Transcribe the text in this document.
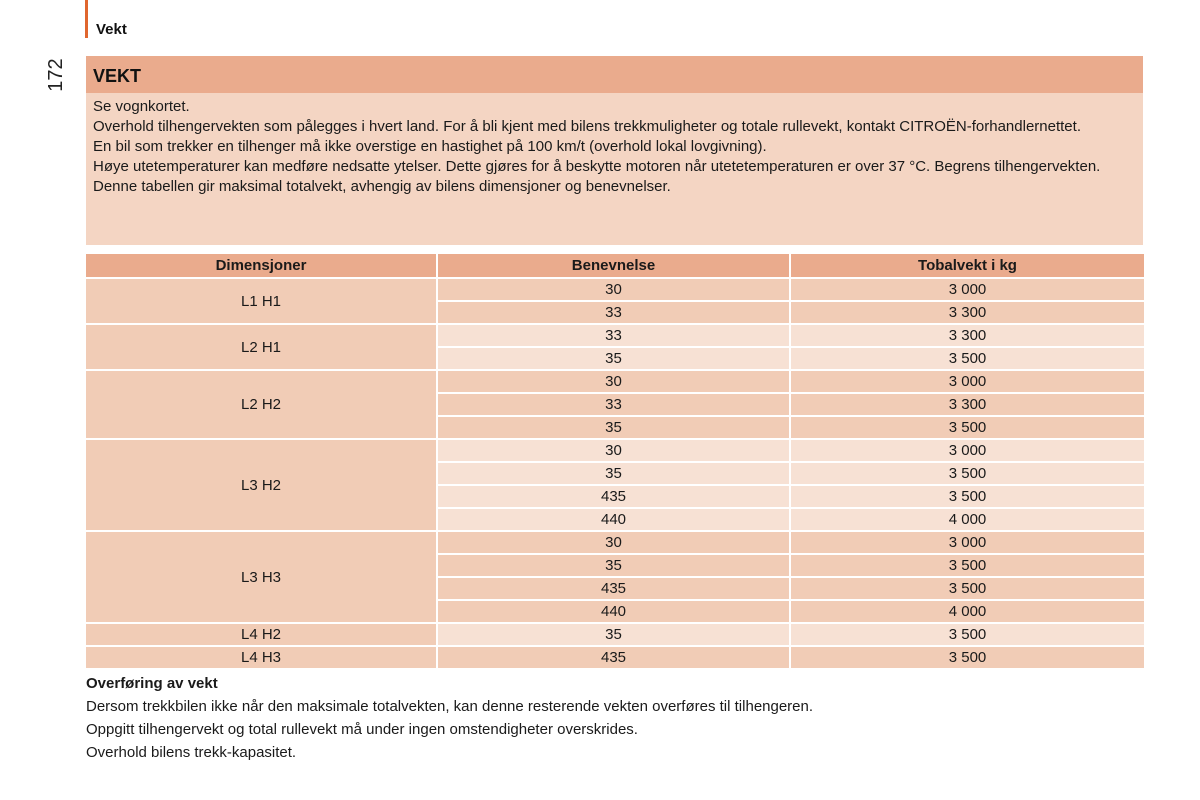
Vekt
172	VEKT

Se vognkortet.

Overhold tilhengervekten som pålegges i hvert land. For å bli kjent med bilens trekkmuligheter og totale rullevekt, kontakt CITROËN-forhandlernettet.

En bil som trekker en tilhenger må ikke overstige en hastighet på 100 km/t (overhold lokal lovgivning).

Høye utetemperaturer kan medføre nedsatte ytelser. Dette gjøres for å beskytte motoren når utetetemperaturen er over 37 °C. Begrens tilhengervekten.

Denne tabellen gir maksimal totalvekt, avhengig av bilens dimensjoner og benevnelser.

Dimensjoner	Benevnelse	Tobalvekt i kg
L1 H1	30	3 000
	33	3 300
L2 H1	33	3 300
	35	3 500
L2 H2	30	3 000
	33	3 300
	35	3 500
L3 H2	30	3 000
	35	3 500
	435	3 500
	440	4 000
L3 H3	30	3 000
	35	3 500
	435	3 500
	440	4 000
L4 H2	35	3 500
L4 H3	435	3 500
Overføring av vekt

Dersom trekkbilen ikke når den maksimale totalvekten, kan denne resterende vekten overføres til tilhengeren.

Oppgitt tilhengervekt og total rullevekt må under ingen omstendigheter overskrides.

Overhold bilens trekk-kapasitet.
